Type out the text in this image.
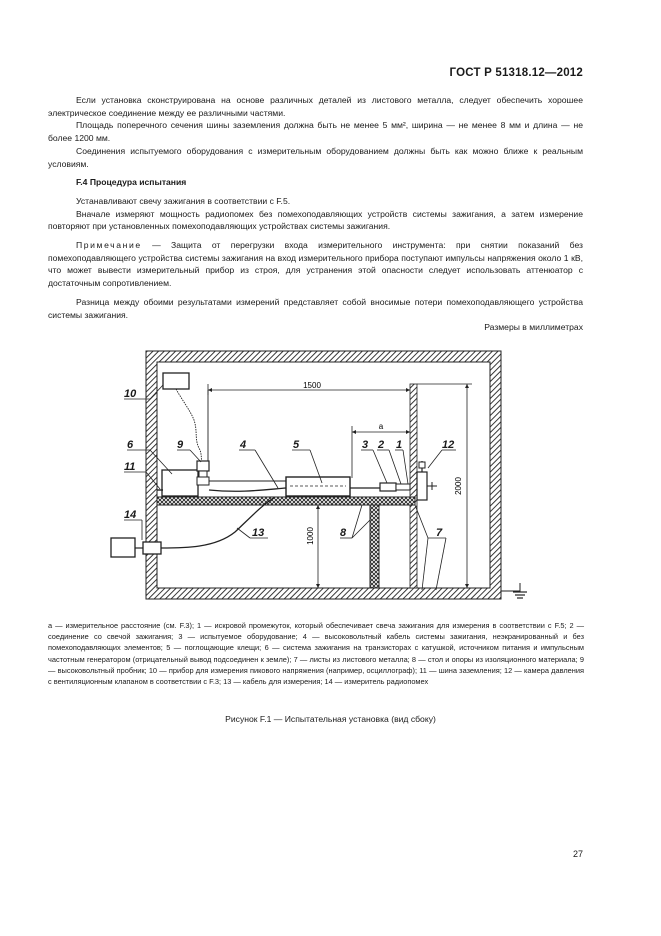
ГОСТ Р 51318.12—2012

Если установка сконструирована на основе различных деталей из листового металла, следует обеспечить хорошее электрическое соединение между ее различными частями.

Площадь поперечного сечения шины заземления должна быть не менее 5 мм², ширина — не менее 8 мм и длина — не более 1200 мм.

Соединения испытуемого оборудования с измерительным оборудованием должны быть как можно ближе к реальным условиям.

F.4 Процедура испытания

Устанавливают свечу зажигания в соответствии с F.5.

Вначале измеряют мощность радиопомех без помехоподавляющих устройств системы зажигания, а затем измерение повторяют при установленных помехоподавляющих устройствах системы зажигания.

Примечание — Защита от перегрузки входа измерительного инструмента: при снятии показаний без помехоподавляющего устройства системы зажигания на вход измерительного прибора поступают импульсы напряжения около 1 кВ, что может вывести измерительный прибор из строя, для устранения этой опасности следует использовать аттенюатор с достаточным сопротивлением.

Разница между обоими результатами измерений представляет собой вносимые потери помехоподавляющего устройства системы зажигания.

Размеры в миллиметрах
1500
а
2000
1000
10
6
11
14
9	4	5	3 2 1	12
13	8	7
а — измерительное расстояние (см. F.3); 1 — искровой промежуток, который обеспечивает свеча зажигания для измерения в соответствии с F.5; 2 — соединение со свечой зажигания; 3 — испытуемое оборудование; 4 — высоковольтный кабель системы зажигания, неэкранированный и без помехоподавляющих элементов; 5 — поглощающие клещи; 6 — система зажигания на транзисторах с катушкой, источником питания и импульсным частотным генератором (отрицательный вывод подсоединен к земле); 7 — листы из листового металла; 8 — стол и опоры из изоляционного материала; 9 — высоковольтный пробник; 10 — прибор для измерения пикового напряжения (например, осциллограф); 11 — шина заземления; 12 — камера давления с вентиляционным клапаном в соответствии с F.3; 13 — кабель для измерения; 14 — измеритель радиопомех
Рисунок F.1 — Испытательная установка (вид сбоку)
27
